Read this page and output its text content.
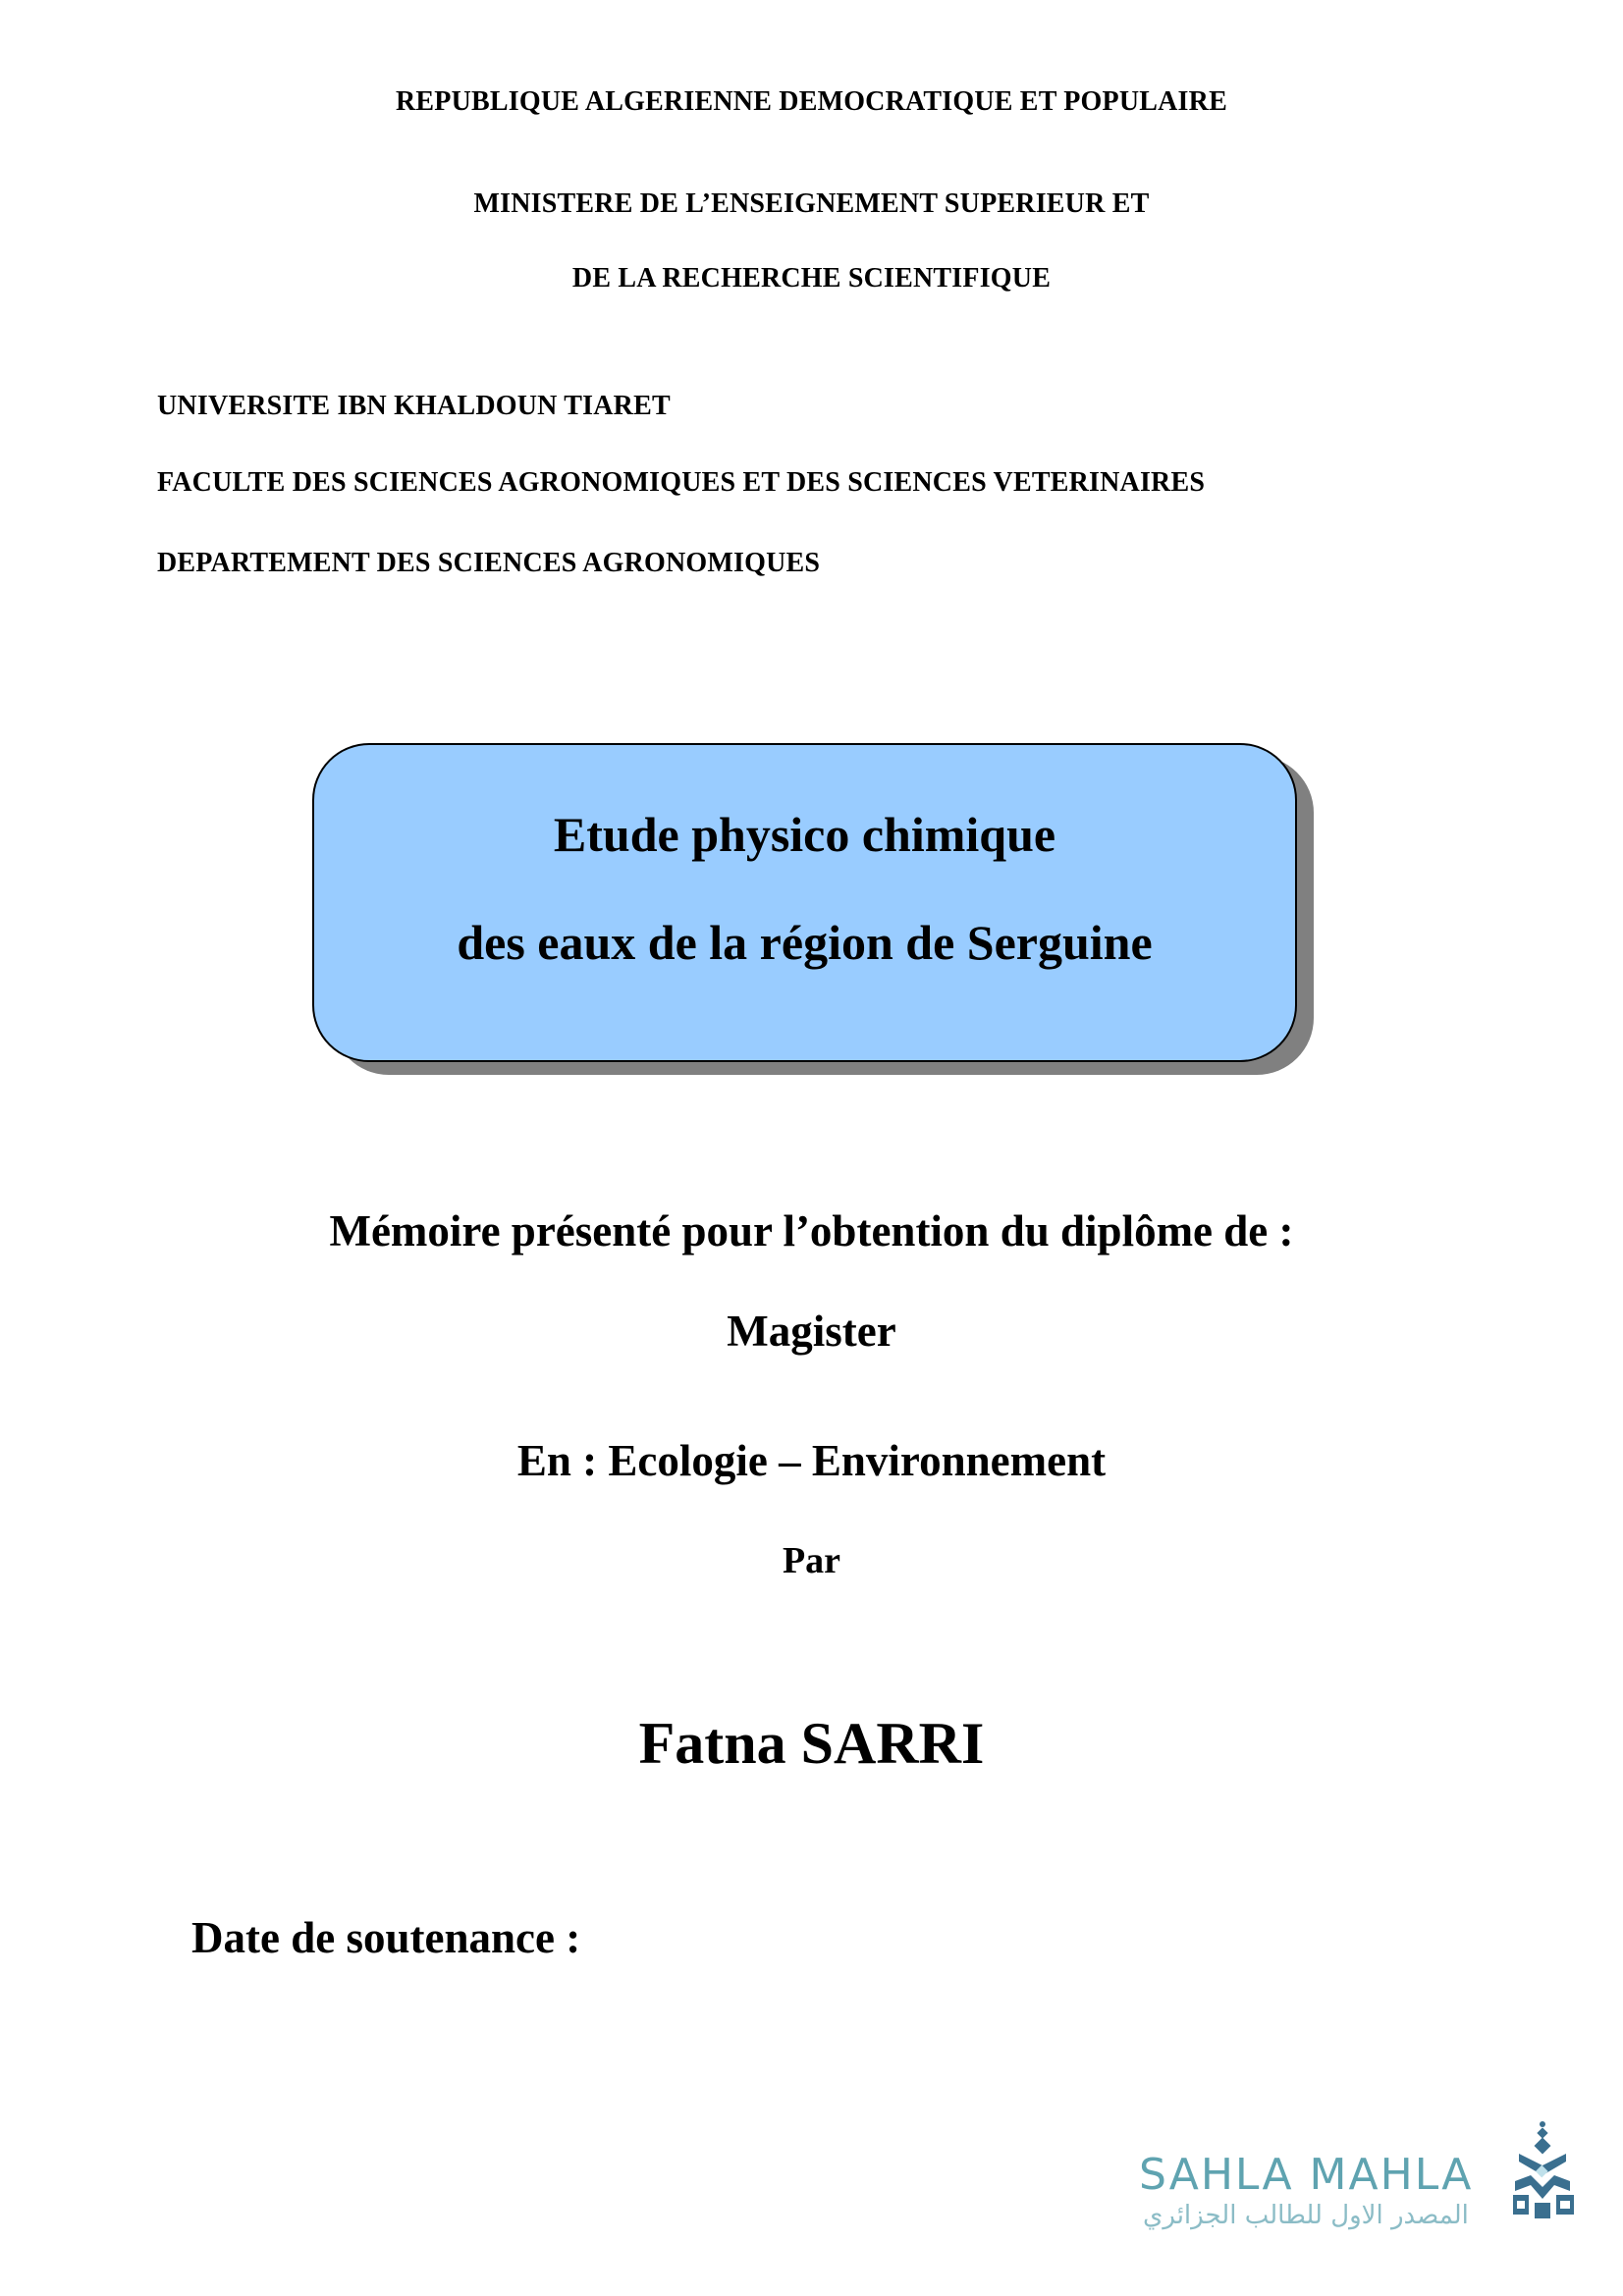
REPUBLIQUE ALGERIENNE DEMOCRATIQUE ET POPULAIRE
MINISTERE DE L’ENSEIGNEMENT SUPERIEUR ET
DE LA RECHERCHE SCIENTIFIQUE
UNIVERSITE IBN KHALDOUN TIARET
FACULTE DES SCIENCES AGRONOMIQUES ET DES SCIENCES VETERINAIRES
DEPARTEMENT DES SCIENCES AGRONOMIQUES
Etude physico chimique
des eaux de la région de Serguine
Mémoire présenté pour l’obtention du diplôme de :
Magister
En : Ecologie – Environnement
Par
Fatna SARRI
Date de soutenance :
SAHLA MAHLA
المصدر الاول للطالب الجزائري
